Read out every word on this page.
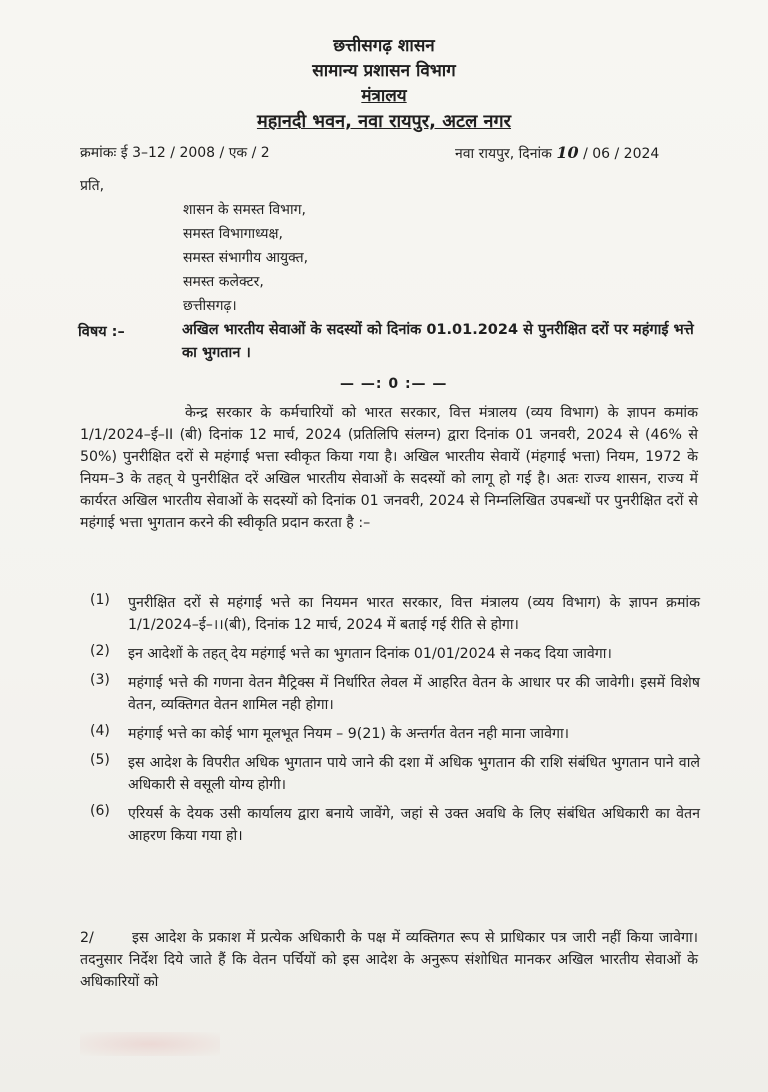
छत्तीसगढ़ शासन
सामान्य प्रशासन विभाग
मंत्रालय
महानदी भवन, नवा रायपुर, अटल नगर
क्रमांकः ई 3–12 / 2008 / एक / 2	नवा रायपुर, दिनांक 10 / 06 / 2024
प्रति,
शासन के समस्त विभाग,
समस्त विभागाध्यक्ष,
समस्त संभागीय आयुक्त,
समस्त कलेक्टर,
छत्तीसगढ़।
विषय :–	अखिल भारतीय सेवाओं के सदस्यों को दिनांक 01.01.2024 से पुनरीक्षित दरों पर महंगाई भत्ते का भुगतान ।
— —: 0 :— —
केन्द्र सरकार के कर्मचारियों को भारत सरकार, वित्त मंत्रालय (व्यय विभाग) के ज्ञापन कमांक 1/1/2024–ई–II (बी) दिनांक 12 मार्च, 2024 (प्रतिलिपि संलग्न) द्वारा दिनांक 01 जनवरी, 2024 से (46% से 50%) पुनरीक्षित दरों से महंगाई भत्ता स्वीकृत किया गया है। अखिल भारतीय सेवायें (मंहगाई भत्ता) नियम, 1972 के नियम–3 के तहत् ये पुनरीक्षित दरें अखिल भारतीय सेवाओं के सदस्यों को लागू हो गई है। अतः राज्य शासन, राज्य में कार्यरत अखिल भारतीय सेवाओं के सदस्यों को दिनांक 01 जनवरी, 2024 से निम्नलिखित उपबन्धों पर पुनरीक्षित दरों से महंगाई भत्ता भुगतान करने की स्वीकृति प्रदान करता है :–
(1) पुनरीक्षित दरों से महंगाई भत्ते का नियमन भारत सरकार, वित्त मंत्रालय (व्यय विभाग) के ज्ञापन क्रमांक 1/1/2024–ई–।।(बी), दिनांक 12 मार्च, 2024 में बताई गई रीति से होगा।
(2) इन आदेशों के तहत् देय महंगाई भत्ते का भुगतान दिनांक 01/01/2024 से नकद दिया जावेगा।
(3) महंगाई भत्ते की गणना वेतन मैट्रिक्स में निर्धारित लेवल में आहरित वेतन के आधार पर की जावेगी। इसमें विशेष वेतन, व्यक्तिगत वेतन शामिल नही होगा।
(4) महंगाई भत्ते का कोई भाग मूलभूत नियम – 9(21) के अन्तर्गत वेतन नही माना जावेगा।
(5) इस आदेश के विपरीत अधिक भुगतान पाये जाने की दशा में अधिक भुगतान की राशि संबंधित भुगतान पाने वाले अधिकारी से वसूली योग्य होगी।
(6) एरियर्स के देयक उसी कार्यालय द्वारा बनाये जावेंगे, जहां से उक्त अवधि के लिए संबंधित अधिकारी का वेतन आहरण किया गया हो।
2/	इस आदेश के प्रकाश में प्रत्येक अधिकारी के पक्ष में व्यक्तिगत रूप से प्राधिकार पत्र जारी नहीं किया जावेगा। तदनुसार निर्देश दिये जाते हैं कि वेतन पर्चियों को इस आदेश के अनुरूप संशोधित मानकर अखिल भारतीय सेवाओं के अधिकारियों को
